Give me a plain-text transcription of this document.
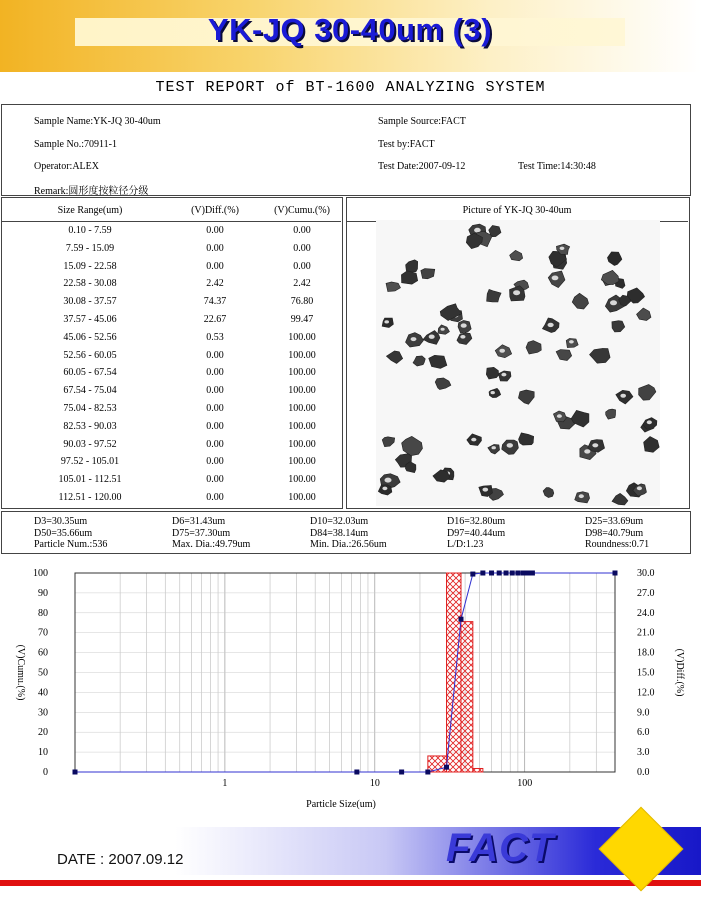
YK-JQ 30-40um (3)
TEST REPORT of BT-1600 ANALYZING SYSTEM
Sample Name:YK-JQ 30-40um	Sample Source:FACT
Sample No.:70911-1	Test by:FACT
Operator:ALEX	Test Date:2007-09-12	Test Time:14:30:48
Remark:圆形度按粒径分级
Size Range(um)	(V)Diff.(%)	(V)Cumu.(%)
0.10 - 7.59	0.00	0.00
7.59 - 15.09	0.00	0.00
15.09 - 22.58	0.00	0.00
22.58 - 30.08	2.42	2.42
30.08 - 37.57	74.37	76.80
37.57 - 45.06	22.67	99.47
45.06 - 52.56	0.53	100.00
52.56 - 60.05	0.00	100.00
60.05 - 67.54	0.00	100.00
67.54 - 75.04	0.00	100.00
75.04 - 82.53	0.00	100.00
82.53 - 90.03	0.00	100.00
90.03 - 97.52	0.00	100.00
97.52 - 105.01	0.00	100.00
105.01 - 112.51	0.00	100.00
112.51 - 120.00	0.00	100.00
Picture of YK-JQ 30-40um
D3=30.35um	D6=31.43um	D10=32.03um	D16=32.80um	D25=33.69um
D50=35.66um	D75=37.30um	D84=38.14um	D97=40.44um	D98=40.79um
Particle Num.:536	Max. Dia.:49.79um	Min. Dia.:26.56um	L/D:1.23	Roundness:0.71
0
10
20
30
40
50
60
70
80
90
100
0.0
3.0
6.0
9.0
12.0
15.0
18.0
21.0
24.0
27.0
30.0
1	10	100
Particle Size(um)
(V)Cumu.(%)	(V)Diff.(%)
DATE : 2007.09.12	FACT
